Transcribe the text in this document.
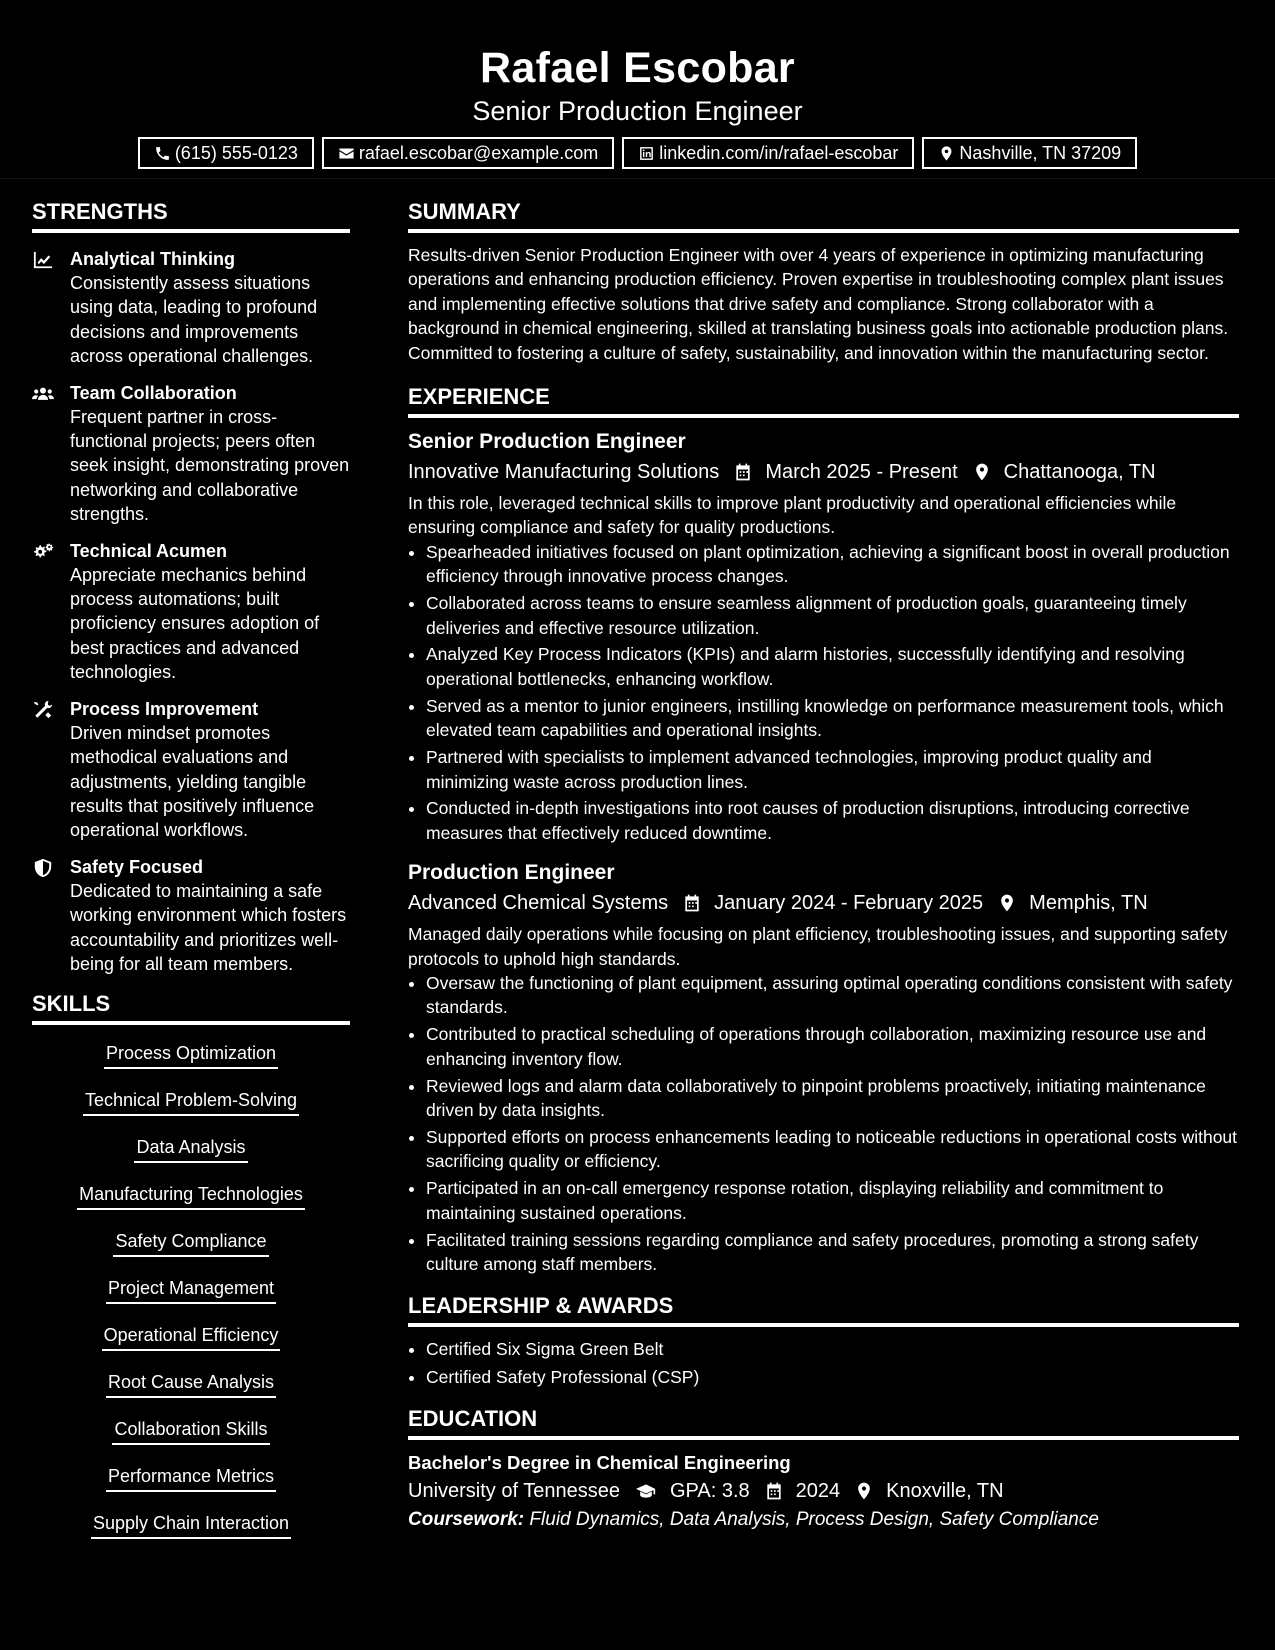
Rafael Escobar
Senior Production Engineer
(615) 555-0123	rafael.escobar@example.com	linkedin.com/in/rafael-escobar	Nashville, TN 37209
STRENGTHS
Analytical Thinking
Consistently assess situations using data, leading to profound decisions and improvements across operational challenges.
Team Collaboration
Frequent partner in cross-functional projects; peers often seek insight, demonstrating proven networking and collaborative strengths.
Technical Acumen
Appreciate mechanics behind process automations; built proficiency ensures adoption of best practices and advanced technologies.
Process Improvement
Driven mindset promotes methodical evaluations and adjustments, yielding tangible results that positively influence operational workflows.
Safety Focused
Dedicated to maintaining a safe working environment which fosters accountability and prioritizes well-being for all team members.
SKILLS
Process Optimization
Technical Problem-Solving
Data Analysis
Manufacturing Technologies
Safety Compliance
Project Management
Operational Efficiency
Root Cause Analysis
Collaboration Skills
Performance Metrics
Supply Chain Interaction
SUMMARY

Results-driven Senior Production Engineer with over 4 years of experience in optimizing manufacturing operations and enhancing production efficiency. Proven expertise in troubleshooting complex plant issues and implementing effective solutions that drive safety and compliance. Strong collaborator with a background in chemical engineering, skilled at translating business goals into actionable production plans. Committed to fostering a culture of safety, sustainability, and innovation within the manufacturing sector.

EXPERIENCE
Senior Production Engineer
Innovative Manufacturing Solutions March 2025 - Present Chattanooga, TN

In this role, leveraged technical skills to improve plant productivity and operational efficiencies while ensuring compliance and safety for quality productions.

• Spearheaded initiatives focused on plant optimization, achieving a significant boost in overall production efficiency through innovative process changes.
• Collaborated across teams to ensure seamless alignment of production goals, guaranteeing timely deliveries and effective resource utilization.
• Analyzed Key Process Indicators (KPIs) and alarm histories, successfully identifying and resolving operational bottlenecks, enhancing workflow.
• Served as a mentor to junior engineers, instilling knowledge on performance measurement tools, which elevated team capabilities and operational insights.
• Partnered with specialists to implement advanced technologies, improving product quality and minimizing waste across production lines.
• Conducted in-depth investigations into root causes of production disruptions, introducing corrective measures that effectively reduced downtime.
Production Engineer
Advanced Chemical Systems January 2024 - February 2025 Memphis, TN

Managed daily operations while focusing on plant efficiency, troubleshooting issues, and supporting safety protocols to uphold high standards.

• Oversaw the functioning of plant equipment, assuring optimal operating conditions consistent with safety standards.
• Contributed to practical scheduling of operations through collaboration, maximizing resource use and enhancing inventory flow.
• Reviewed logs and alarm data collaboratively to pinpoint problems proactively, initiating maintenance driven by data insights.
• Supported efforts on process enhancements leading to noticeable reductions in operational costs without sacrificing quality or efficiency.
• Participated in an on-call emergency response rotation, displaying reliability and commitment to maintaining sustained operations.
• Facilitated training sessions regarding compliance and safety procedures, promoting a strong safety culture among staff members.
LEADERSHIP & AWARDS
• Certified Six Sigma Green Belt
• Certified Safety Professional (CSP)
EDUCATION
Bachelor's Degree in Chemical Engineering
University of Tennessee	GPA: 3.8 2024 Knoxville, TN
Coursework: Fluid Dynamics, Data Analysis, Process Design, Safety Compliance
